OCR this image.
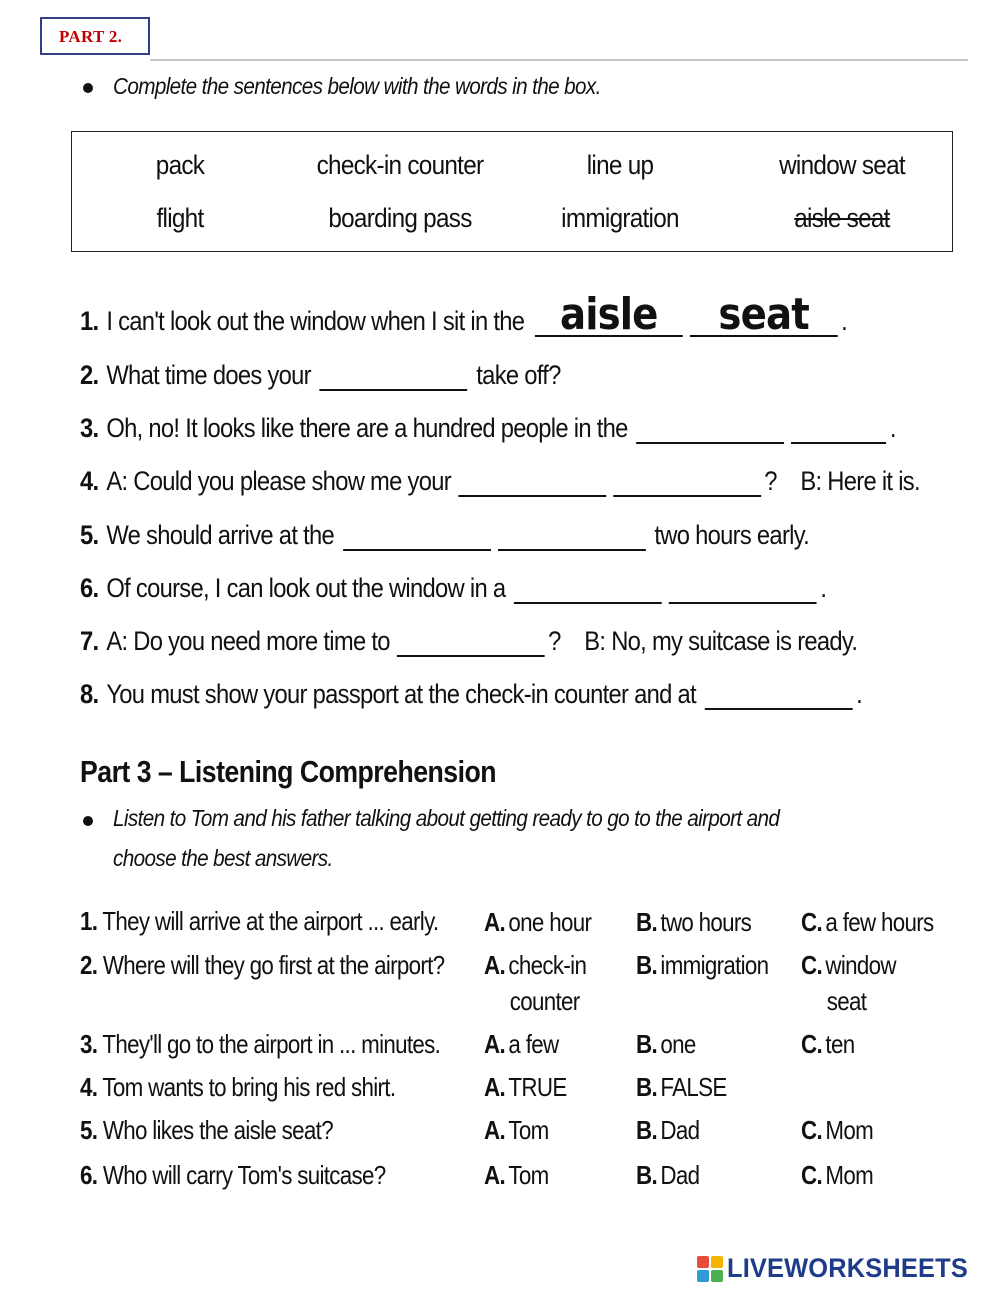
PART 2.
Complete the sentences below with the words in the box.
pack	check-in counter	line up	window seat
flight	boarding pass	immigration	aisle seat
1. I can't look out the window when I sit in the aisle	seat	.
2. What time does your	take off?
3. Oh, no! It looks like there are a hundred people in the	.
4. A: Could you please show me your	?    B: Here it is.
5. We should arrive at the	two hours early.
6. Of course, I can look out the window in a	.
7. A: Do you need more time to	?    B: No, my suitcase is ready.
8. You must show your passport at the check-in counter and at	.
Part 3 – Listening Comprehension
Listen to Tom and his father talking about getting ready to go to the airport and
choose the best answers.
1. They will arrive at the airport ... early. A. one hour B. two hours C. a few hours
2. Where will they go first at the airport? A. check-in
counter
B. immigration C. window
seat
3. They'll go to the airport in ... minutes. A. a few	B. one	C. ten
4. Tom wants to bring his red shirt.	A. TRUE	B. FALSE
5. Who likes the aisle seat?	A. Tom	B. Dad	C. Mom
6. Who will carry Tom's suitcase?	A. Tom	B. Dad	C. Mom
LIVEWORKSHEETS
